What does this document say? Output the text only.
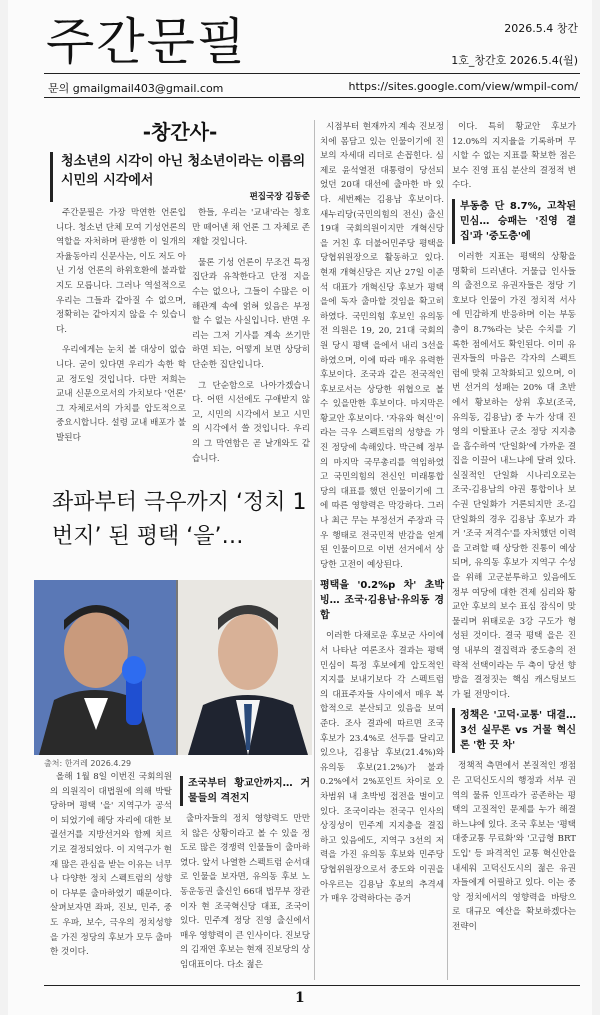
주간문필	2026.5.4 창간
1호_창간호 2026.5.4(월)
문의 gmailgmail403@gmail.com	https://sites.google.com/view/wmpil-com/
-창간사-
청소년의 시각이 아닌 청소년이라는 이름의 시민의 시각에서
편집국장 김동준

주간문필은 가장 막연한 언론입니다. 청소년 단체 모여 기성언론의 역할을 자처하며 판생한 이 일개의 자율동아리 신문사는, 이도 저도 아닌 기성 언론의 하위호환에 불과할지도 모릅니다. 그러나 역설적으로 우리는 그들과 같아질 수 없으며, 정확히는 같아지지 않을 수 있습니다.

우리에게는 눈치 볼 대상이 없습니다. 굳이 있다면 우리가 속한 학교 정도일 것입니다. 다만 저희는 교내 신문으로서의 가치보다 '언론' 그 자체로서의 가치를 압도적으로 중요시합니다. 설령 교내 배포가 불발된다

한들, 우리는 '교내'라는 칭호만 떼어낸 채 언론 그 자체로 존재할 것입니다.

물론 기성 언론이 무조건 특정 집단과 유착한다고 단정 지을 수는 없으나, 그들이 수많은 이해관계 속에 얽혀 있음은 부정할 수 없는 사실입니다. 반면 우리는 그저 기사를 계속 쓰기만 하면 되는, 어떻게 보면 상당히 단순한 집단입니다.

그 단순함으로 나아가겠습니다. 어떤 시선에도 구애받지 않고, 시민의 시각에서 보고 시민의 시각에서 쓸 것입니다. 우리의 그 막연함은 곧 날개와도 같습니다.

좌파부터 극우까지 ‘정치 1번지’ 된 평택 ‘을’…
출처: 한겨레 2026.4.29

올해 1월 8일 이번진 국회의원의 의원직이 대법원에 의해 박탈당하며 평택 '을' 지역구가 공석이 되었기에 해당 자리에 대한 보궐선거를 지방선거와 함께 치르기로 결정되었다. 이 지역구가 현재 많은 관심을 받는 이유는 너무나 다양한 정치 스펙트럼의 성향이 다부룬 출마하였기 때문이다. 살펴보자면 좌파, 진보, 민주, 중도 우파, 보수, 극우의 정치성향을 가진 정당의 후보가 모두 출마한 것이다.

조국부터 황교안까지… 거물들의 격전지

출마자들의 정치 영향력도 만만치 않은 상황이라고 볼 수 있을 정도로 많은 경쟁력 인물들이 출마하였다. 앞서 나열한 스펙트럼 순서대로 인물을 보자면, 유의동 후보 노동운동권 출신인 66대 법무부 장관이자 현 조국혁신당 대표, 조국이 있다. 민주계 정당 진영 출신에서 매우 영향력이 큰 인사이다. 진보당의 김재연 후보는 현재 진보당의 상임대표이다. 다소 젊은

시점부터 현재까지 계속 진보정치에 몸담고 있는 인물이기에 진보의 자세대 리더로 손꼽힌다. 심제로 윤석열전 대통령이 당선되었던 20대 대선에 출마한 바 있다. 세번째는 김용남 후보이다. 새누리당(국민의힘의 전신) 출신 19대 국회의원이지만 개혁신당을 거친 후 더불어민주당 평택을 당협위원장으로 활동하고 있다. 현재 개혁신당은 지난 27일 이준석 대표가 개혁신당 후보가 평택 을에 독자 출마할 것임을 확고히 하였다. 국민의힘 후보인 유의동 전 의원은 19, 20, 21대 국회의원 당시 평택 을에서 내리 3선을 하였으며, 이에 따라 매우 유력한 후보이다. 조국과 같은 전국적인 후보로서는 상당한 위협으로 볼 수 있을만한 후보이다. 마지막은 황교안 후보이다. '자유와 혁신'이라는 극우 스펙트럼의 성향을 가진 정당에 속해있다. 박근혜 정부의 마지막 국무총리를 역임하였고 국민의힘의 전신인 미래통합당의 대표를 했던 인물이기에 그에 따른 영향력은 막강하다. 그러나 최근 무는 부정선거 주장과 극우 행태로 전국민적 반감을 얻게 된 인물이므로 이번 선거에서 상당한 고전이 예상된다.

평택을 '0.2%p 차' 초박빙… 조국·김용남·유의동 경합

이러한 다채로운 후보군 사이에서 나타난 여론조사 결과는 평택 민심이 특정 후보에게 압도적인 지지를 보내기보다 각 스펙트럼의 대표주자들 사이에서 매우 복합적으로 분산되고 있음을 보여준다. 조사 결과에 따르면 조국 후보가 23.4%로 선두를 달리고 있으나, 김용남 후보(21.4%)와 유의동 후보(21.2%)가 불과 0.2%에서 2%포인트 차이로 오차범위 내 초박빙 접전을 벌이고 있다. 조국이라는 전국구 인사의 상징성이 민주계 지지층을 결집하고 있음에도, 지역구 3선의 저력을 가진 유의동 후보와 민주당 당협위원장으로서 중도와 이권을 아우르는 김용남 후보의 추격세가 매우 강력하다는 증거

이다. 특히 황교안 후보가 12.0%의 지지율을 기록하며 무시할 수 없는 지표를 확보한 점은 보수 진영 표심 분산의 결정적 변수다.

부동층 단 8.7%, 고착된 민심… 승패는 '진영 결집'과 '중도층'에

이러한 지표는 평택의 상황을 명확히 드러낸다. 거물급 인사들의 출전으로 유권자들은 정당 기호보다 인물이 가진 정치적 서사에 민감하게 반응하며 이는 부동층이 8.7%라는 낮은 수치를 기록한 점에서도 확인된다. 이미 유권자들의 마음은 각자의 스펙트럼에 맞춰 고착화되고 있으며, 이번 선거의 성패는 20% 대 초반에서 황보하는 상위 후보(조국, 유의동, 김용남) 중 누가 상대 진영의 이탈표나 군소 정당 지지층을 흡수하여 '단일화'에 가까운 결집을 이끌어 내느냐에 달려 있다. 실질적인 단일화 시나리오로는 조국-김용남의 야권 통합이나 보수권 단일화가 거론되지만 조-김 단일화의 경우 김용남 후보가 과거 '조국 저격수'를 자처했던 이력을 고려할 때 상당한 진통이 예상되며, 유의동 후보가 지역구 수성을 위해 고군분투하고 있음에도 정부 여당에 대한 견제 심리와 황교안 후보의 보수 표심 잠식이 맞물리며 위태로운 3강 구도가 형성된 것이다. 결국 평택 을은 진영 내부의 결집력과 중도층의 전략적 선택이라는 두 축이 당선 향방을 결정짓는 핵심 캐스팅보드가 될 전망이다.

정책은 '고덕·교통' 대결… 3선 실무론 vs 거물 혁신론 '한 끗 차'

정책적 측면에서 본질적인 쟁점은 고덕신도시의 행정과 서부 권역의 물류 인프라가 공존하는 평택의 고질적인 문제를 누가 해결하느냐에 있다. 조국 후보는 '평택 대중교통 무료화'와 '고급형 BRT 도입' 등 파격적인 교통 혁신안을 내세워 고덕신도시의 젊은 유권자들에게 어필하고 있다. 이는 중앙 정치에서의 영향력을 바탕으로 대규모 예산을 확보하겠다는 전략이

1
